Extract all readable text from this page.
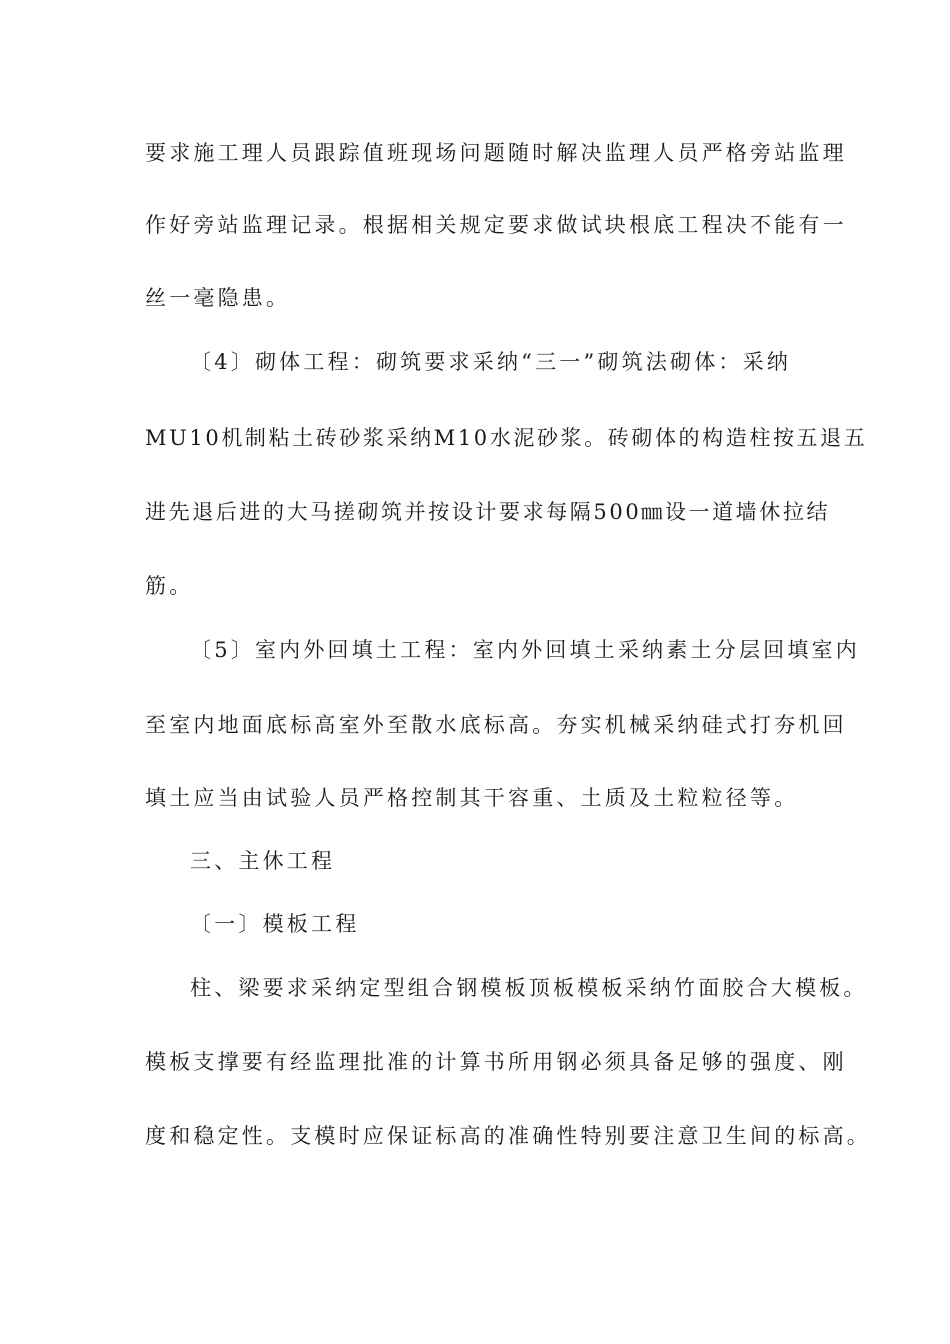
要求施工理人员跟踪值班现场问题随时解决监理人员严格旁站监理
作好旁站监理记录。根据相关规定要求做试块根底工程决不能有一
丝一毫隐患。
〔4〕砌体工程：砌筑要求采纳“三一”砌筑法砌体：采纳
MU10机制粘土砖砂浆采纳M10水泥砂浆。砖砌体的构造柱按五退五
进先退后进的大马搓砌筑并按设计要求每隔500㎜设一道墙休拉结
筋。
〔5〕室内外回填土工程：室内外回填土采纳素土分层回填室内
至室内地面底标高室外至散水底标高。夯实机械采纳硅式打夯机回
填土应当由试验人员严格控制其干容重、土质及土粒粒径等。
三、主休工程
〔一〕模板工程
柱、梁要求采纳定型组合钢模板顶板模板采纳竹面胶合大模板。
模板支撑要有经监理批准的计算书所用钢必须具备足够的强度、刚
度和稳定性。支模时应保证标高的准确性特别要注意卫生间的标高。
